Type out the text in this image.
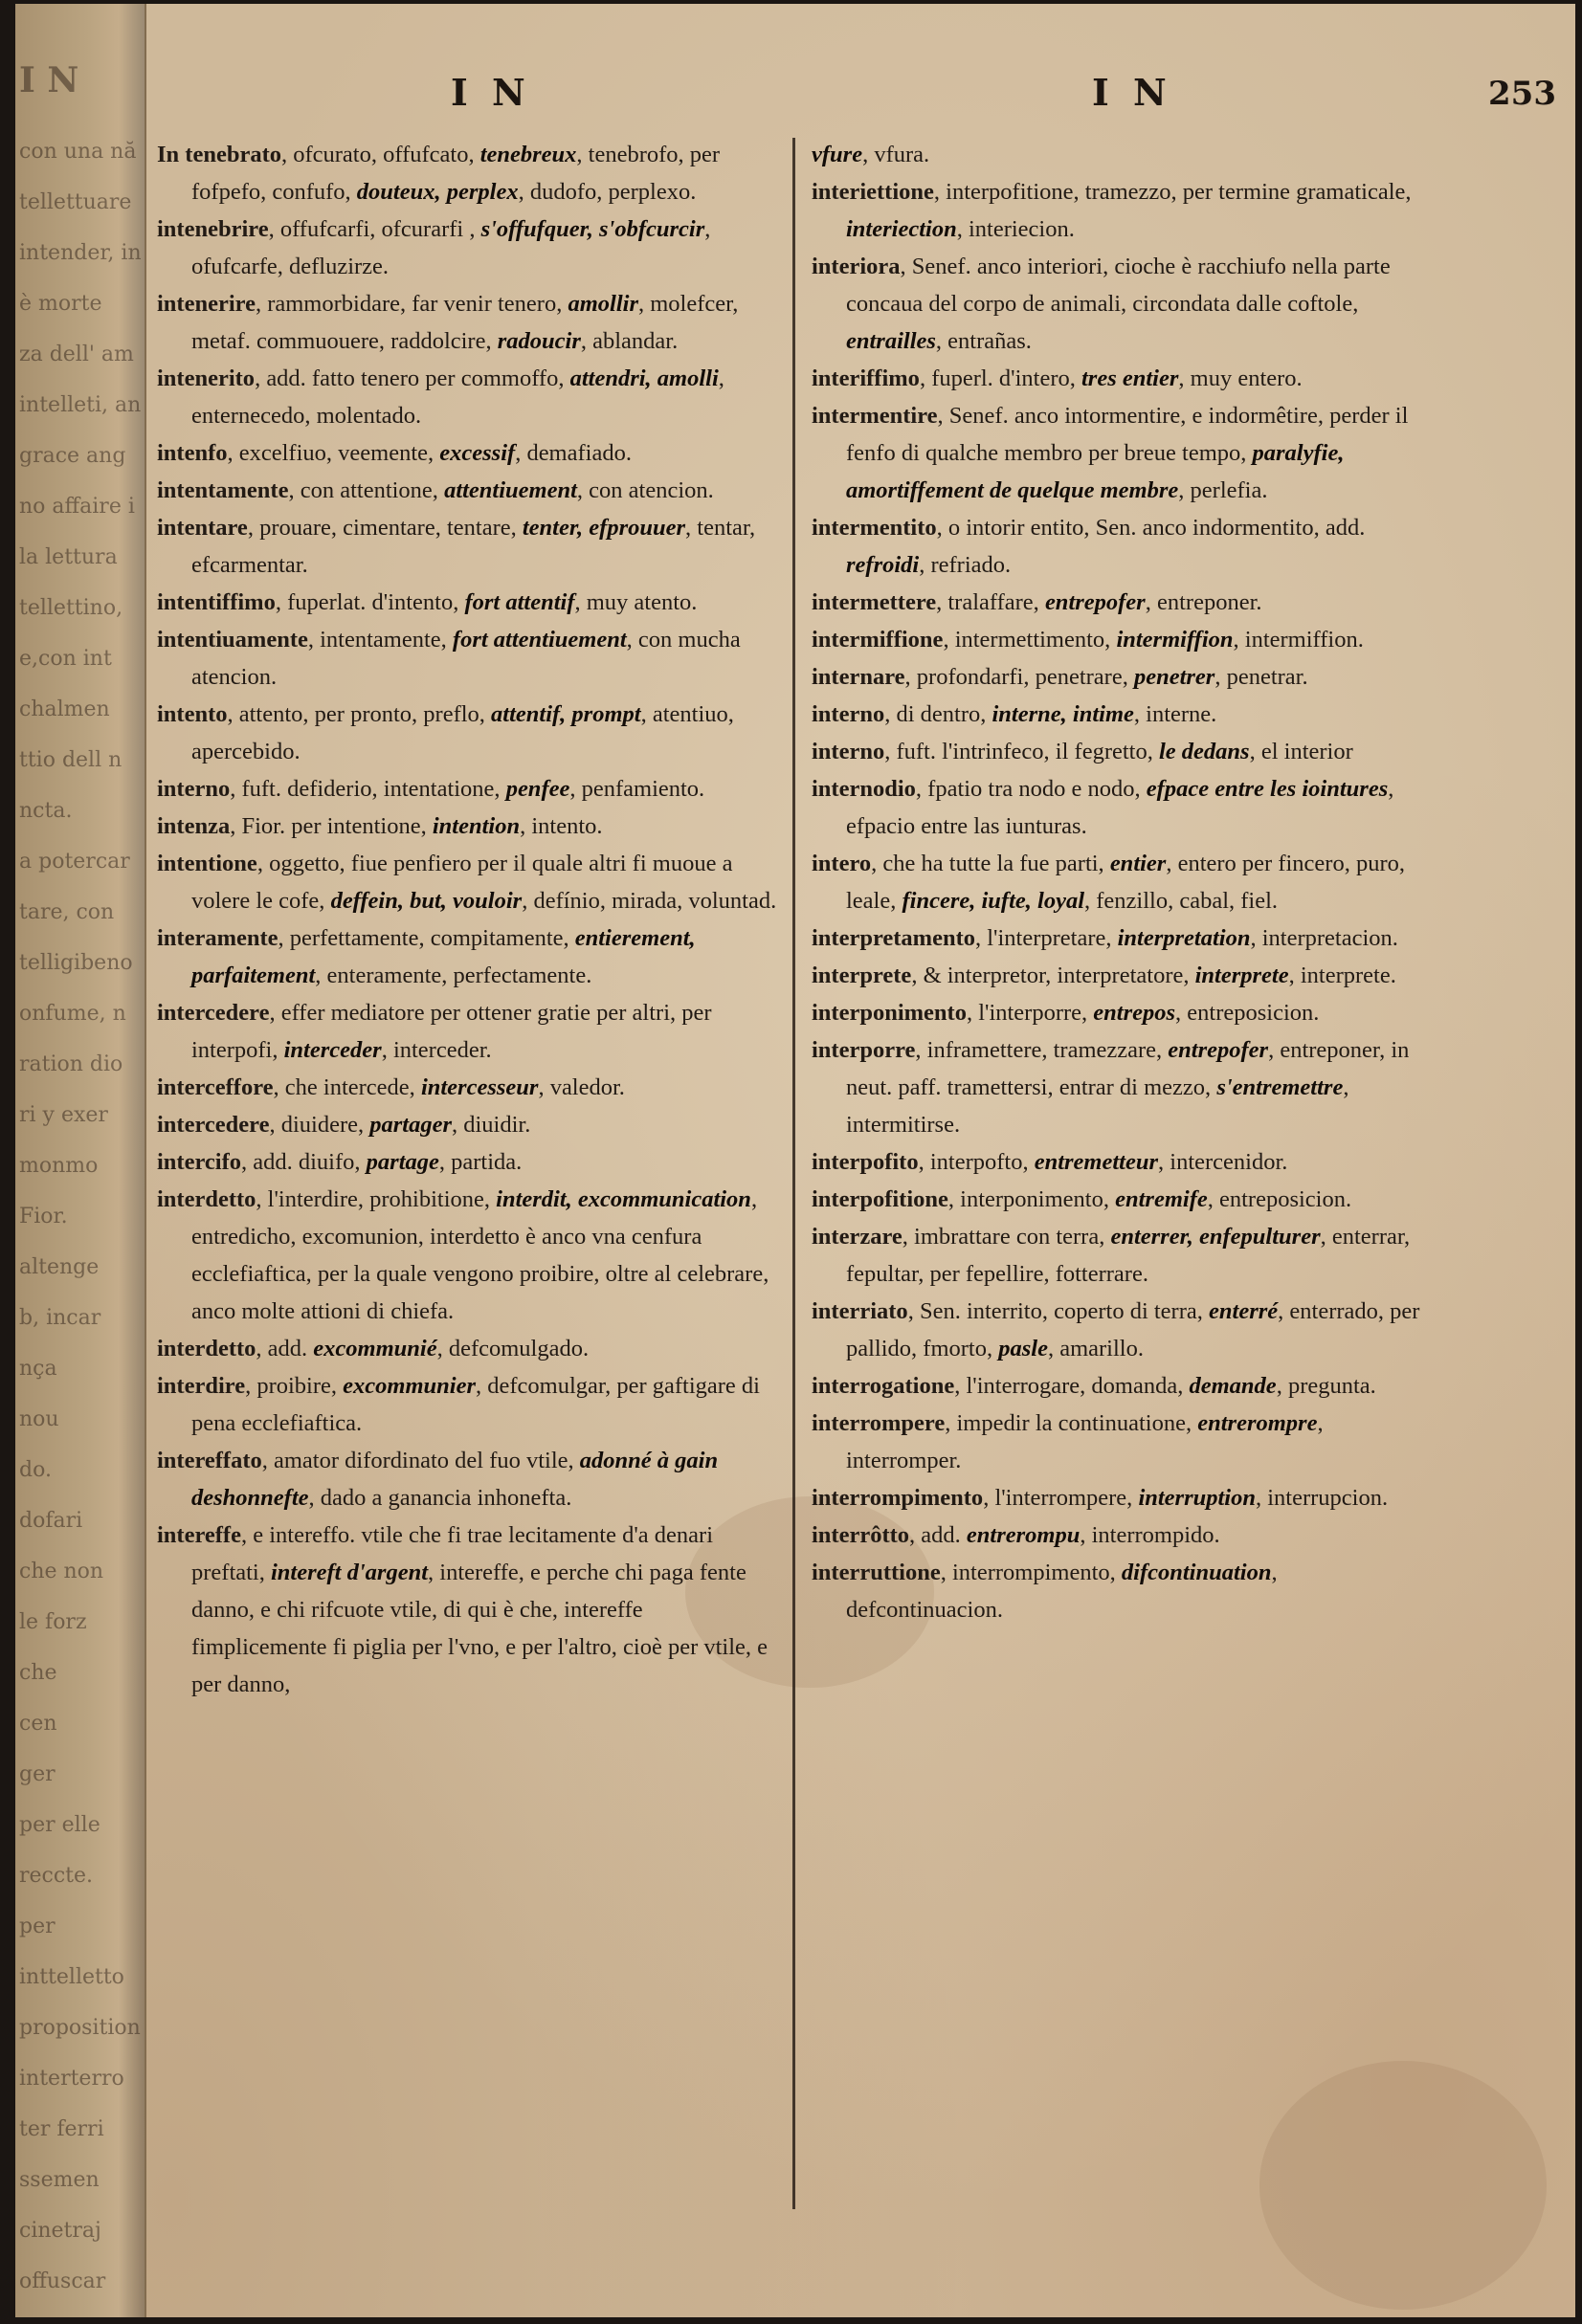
I N
con una nă
tellettuare
intender, in
è morte
za dell' am
intelleti, an
grace ang
no affaire i
la lettura
tellettino,
e,con int
chalmen
ttio dell n
ncta.
a potercar
tare, con
telligibeno
onfume, n
ration dio
ri y exer
monmo
Fior.
altenge
b, incar
nça
nou
do.
dofari
che non
le forz
che
cen
ger
per elle
reccte.
per
inttelletto
proposition
interterro
ter ferri
ssemen
cinetraj
offuscar
I N	I N	253

In tenebrato, ofcurato, offufcato, tenebreux, tenebrofo, per fofpefo, confufo, douteux, perplex, dudofo, perplexo.

intenebrire, offufcarfi, ofcurarfi , s'offufquer, s'obfcurcir, ofufcarfe, defluzirze.

intenerire, rammorbidare, far venir tenero, amollir, molefcer, metaf. commuouere, raddolcire, radoucir, ablandar.

intenerito, add. fatto tenero per commoffo, attendri, amolli, enternecedo, molentado.

intenfo, excelfiuo, veemente, excessif, demafiado.

intentamente, con attentione, attentiuement, con atencion.

intentare, prouare, cimentare, tentare, tenter, efprouuer, tentar, efcarmentar.

intentiffimo, fuperlat. d'intento, fort attentif, muy atento.

intentiuamente, intentamente, fort attentiuement, con mucha atencion.

intento, attento, per pronto, preflo, attentif, prompt, atentiuo, apercebido.

interno, fuft. defiderio, intentatione, penfee, penfamiento.

intenza, Fior. per intentione, intention, intento.

intentione, oggetto, fiue penfiero per il quale altri fi muoue a volere le cofe, deffein, but, vouloir, defínio, mirada, voluntad.

interamente, perfettamente, compitamente, entierement, parfaitement, enteramente, perfectamente.

intercedere, effer mediatore per ottener gratie per altri, per interpofi, interceder, interceder.

interceffore, che intercede, intercesseur, valedor.

intercedere, diuidere, partager, diuidir.

intercifo, add. diuifo, partage, partida.

interdetto, l'interdire, prohibitione, interdit, excommunication, entredicho, excomunion, interdetto è anco vna cenfura ecclefiaftica, per la quale vengono proibire, oltre al celebrare, anco molte attioni di chiefa.

interdetto, add. excommunié, defcomulgado.

interdire, proibire, excommunier, defcomulgar, per gaftigare di pena ecclefiaftica.

intereffato, amator difordinato del fuo vtile, adonné à gain deshonnefte, dado a ganancia inhonefta.

intereffe, e intereffo. vtile che fi trae lecitamente d'a denari preftati, intereft d'argent, intereffe, e perche chi paga fente danno, e chi rifcuote vtile, di qui è che, intereffe fimplicemente fi piglia per l'vno, e per l'altro, cioè per vtile, e per danno,

vfure, vfura.

interiettione, interpofitione, tramezzo, per termine gramaticale, interiection, interiecion.

interiora, Senef. anco interiori, cioche è racchiufo nella parte concaua del corpo de animali, circondata dalle coftole, entrailles, entrañas.

interiffimo, fuperl. d'intero, tres entier, muy entero.

intermentire, Senef. anco intormentire, e indormêtire, perder il fenfo di qualche membro per breue tempo, paralyfie, amortiffement de quelque membre, perlefia.

intermentito, o intorir entito, Sen. anco indormentito, add. refroidi, refriado.

intermettere, tralaffare, entrepofer, entreponer.

intermiffione, intermettimento, intermiffion, intermiffion.

internare, profondarfi, penetrare, penetrer, penetrar.

interno, di dentro, interne, intime, interne.

interno, fuft. l'intrinfeco, il fegretto, le dedans, el interior

internodio, fpatio tra nodo e nodo, efpace entre les iointures, efpacio entre las iunturas.

intero, che ha tutte la fue parti, entier, entero per fincero, puro, leale, fincere, iufte, loyal, fenzillo, cabal, fiel.

interpretamento, l'interpretare, interpretation, interpretacion.

interprete, & interpretor, interpretatore, interprete, interprete.

interponimento, l'interporre, entrepos, entreposicion.

interporre, inframettere, tramezzare, entrepofer, entreponer, in neut. paff. tramettersi, entrar di mezzo, s'entremettre, intermitirse.

interpofito, interpofto, entremetteur, intercenidor.

interpofitione, interponimento, entremife, entreposicion.

interzare, imbrattare con terra, enterrer, enfepulturer, enterrar, fepultar, per fepellire, fotterrare.

interriato, Sen. interrito, coperto di terra, enterré, enterrado, per pallido, fmorto, pasle, amarillo.

interrogatione, l'interrogare, domanda, demande, pregunta.

interrompere, impedir la continuatione, entrerompre, interromper.

interrompimento, l'interrompere, interruption, interrupcion.

interrôtto, add. entrerompu, interrompido.

interruttione, interrompimento, difcontinuation, defcontinuacion.
